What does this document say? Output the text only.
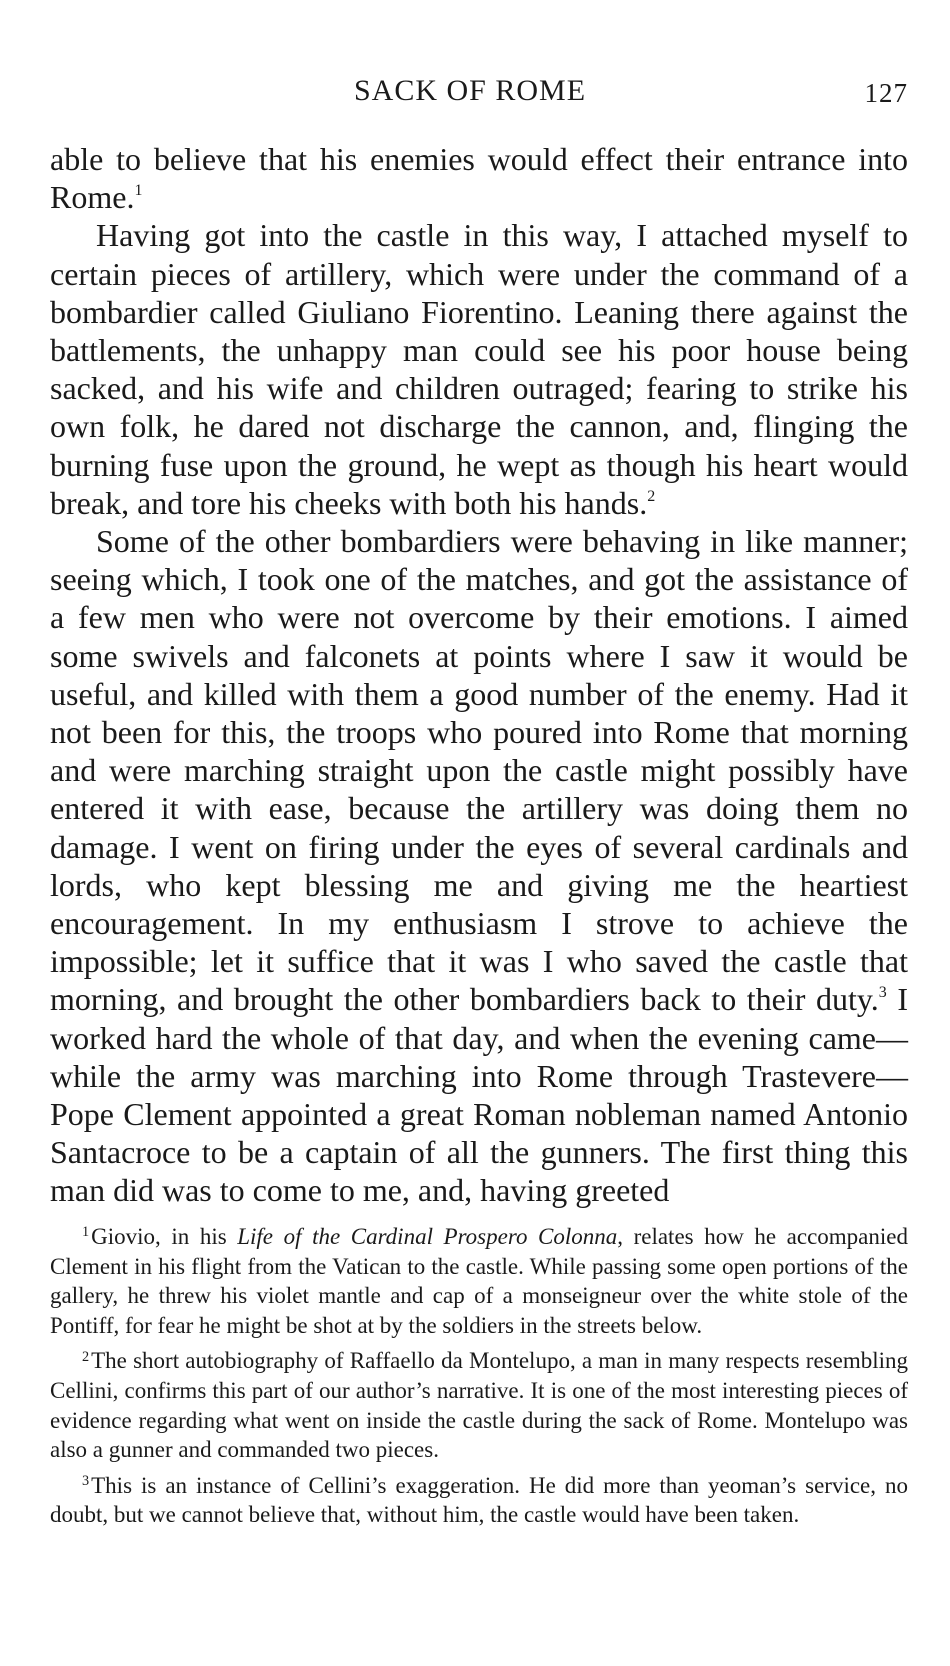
SACK OF ROME	127

able to believe that his enemies would effect their entrance into Rome.$^1$

Having got into the castle in this way, I attached myself to certain pieces of artillery, which were under the command of a bombardier called Giuliano Fiorentino. Leaning there against the battlements, the unhappy man could see his poor house being sacked, and his wife and children outraged; fearing to strike his own folk, he dared not discharge the cannon, and, flinging the burning fuse upon the ground, he wept as though his heart would break, and tore his cheeks with both his hands.$^2$

Some of the other bombardiers were behaving in like manner; seeing which, I took one of the matches, and got the assistance of a few men who were not overcome by their emotions. I aimed some swivels and falconets at points where I saw it would be useful, and killed with them a good number of the enemy. Had it not been for this, the troops who poured into Rome that morning and were marching straight upon the castle might possibly have entered it with ease, because the artillery was doing them no damage. I went on firing under the eyes of several cardinals and lords, who kept blessing me and giving me the heartiest encouragement. In my enthusiasm I strove to achieve the impossible; let it suffice that it was I who saved the castle that morning, and brought the other bombardiers back to their duty.$^3$ I worked hard the whole of that day, and when the evening came—while the army was marching into Rome through Trastevere—Pope Clement appointed a great Roman nobleman named Antonio Santacroce to be a captain of all the gunners. The first thing this man did was to come to me, and, having greeted

$^1$Giovio, in his Life of the Cardinal Prospero Colonna, relates how he accompanied Clement in his flight from the Vatican to the castle. While passing some open portions of the gallery, he threw his violet mantle and cap of a monseigneur over the white stole of the Pontiff, for fear he might be shot at by the soldiers in the streets below.

$^2$The short autobiography of Raffaello da Montelupo, a man in many respects resembling Cellini, confirms this part of our author’s narrative. It is one of the most interesting pieces of evidence regarding what went on inside the castle during the sack of Rome. Montelupo was also a gunner and commanded two pieces.

$^3$This is an instance of Cellini’s exaggeration. He did more than yeoman’s service, no doubt, but we cannot believe that, without him, the castle would have been taken.
